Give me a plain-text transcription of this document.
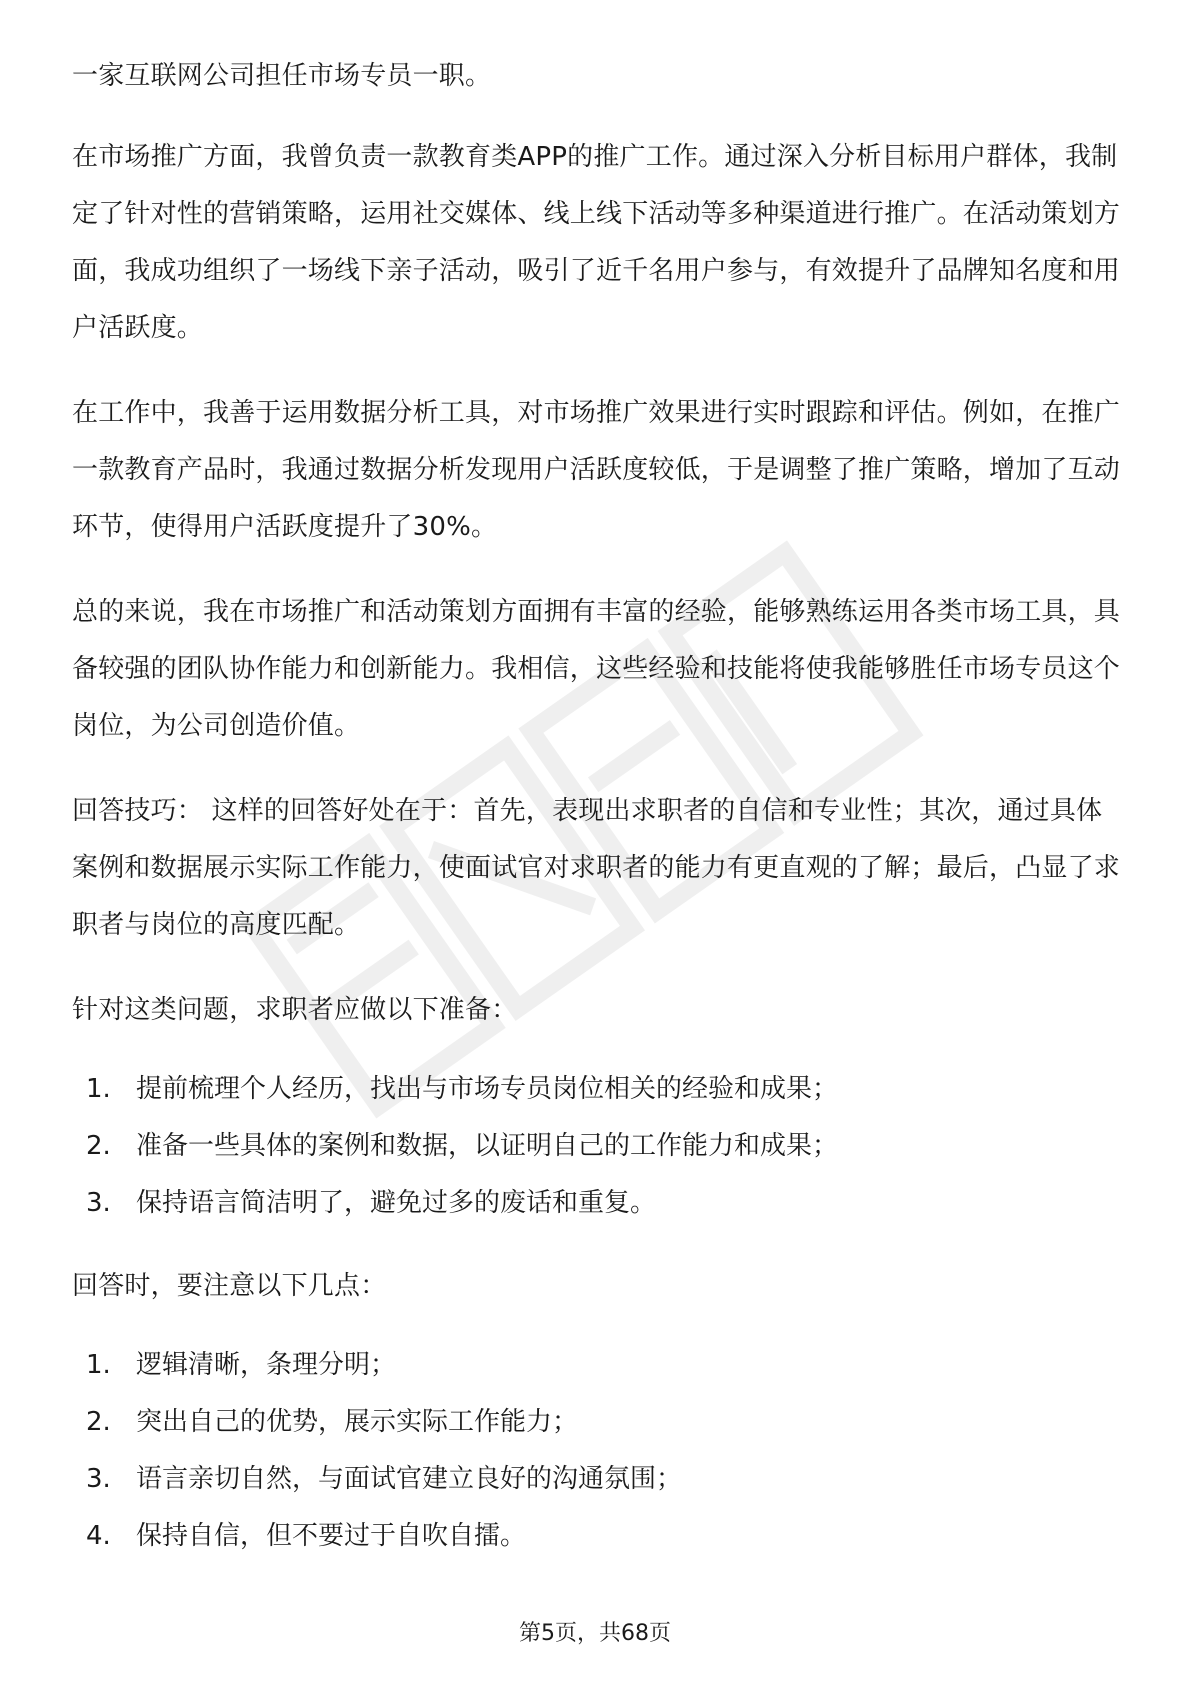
一家互联网公司担任市场专员一职。

在市场推广方面，我曾负责一款教育类APP的推广工作。通过深入分析目标用户群体，我制定了针对性的营销策略，运用社交媒体、线上线下活动等多种渠道进行推广。在活动策划方面，我成功组织了一场线下亲子活动，吸引了近千名用户参与，有效提升了品牌知名度和用户活跃度。

在工作中，我善于运用数据分析工具，对市场推广效果进行实时跟踪和评估。例如，在推广一款教育产品时，我通过数据分析发现用户活跃度较低，于是调整了推广策略，增加了互动环节，使得用户活跃度提升了30%。

总的来说，我在市场推广和活动策划方面拥有丰富的经验，能够熟练运用各类市场工具，具备较强的团队协作能力和创新能力。我相信，这些经验和技能将使我能够胜任市场专员这个岗位，为公司创造价值。

回答技巧： 这样的回答好处在于：首先，表现出求职者的自信和专业性；其次，通过具体案例和数据展示实际工作能力，使面试官对求职者的能力有更直观的了解；最后，凸显了求职者与岗位的高度匹配。

针对这类问题，求职者应做以下准备：

1. 提前梳理个人经历，找出与市场专员岗位相关的经验和成果；
2. 准备一些具体的案例和数据，以证明自己的工作能力和成果；
3. 保持语言简洁明了，避免过多的废话和重复。

回答时，要注意以下几点：

1. 逻辑清晰，条理分明；
2. 突出自己的优势，展示实际工作能力；
3. 语言亲切自然，与面试官建立良好的沟通氛围；
4. 保持自信，但不要过于自吹自擂。
第5页，共68页
